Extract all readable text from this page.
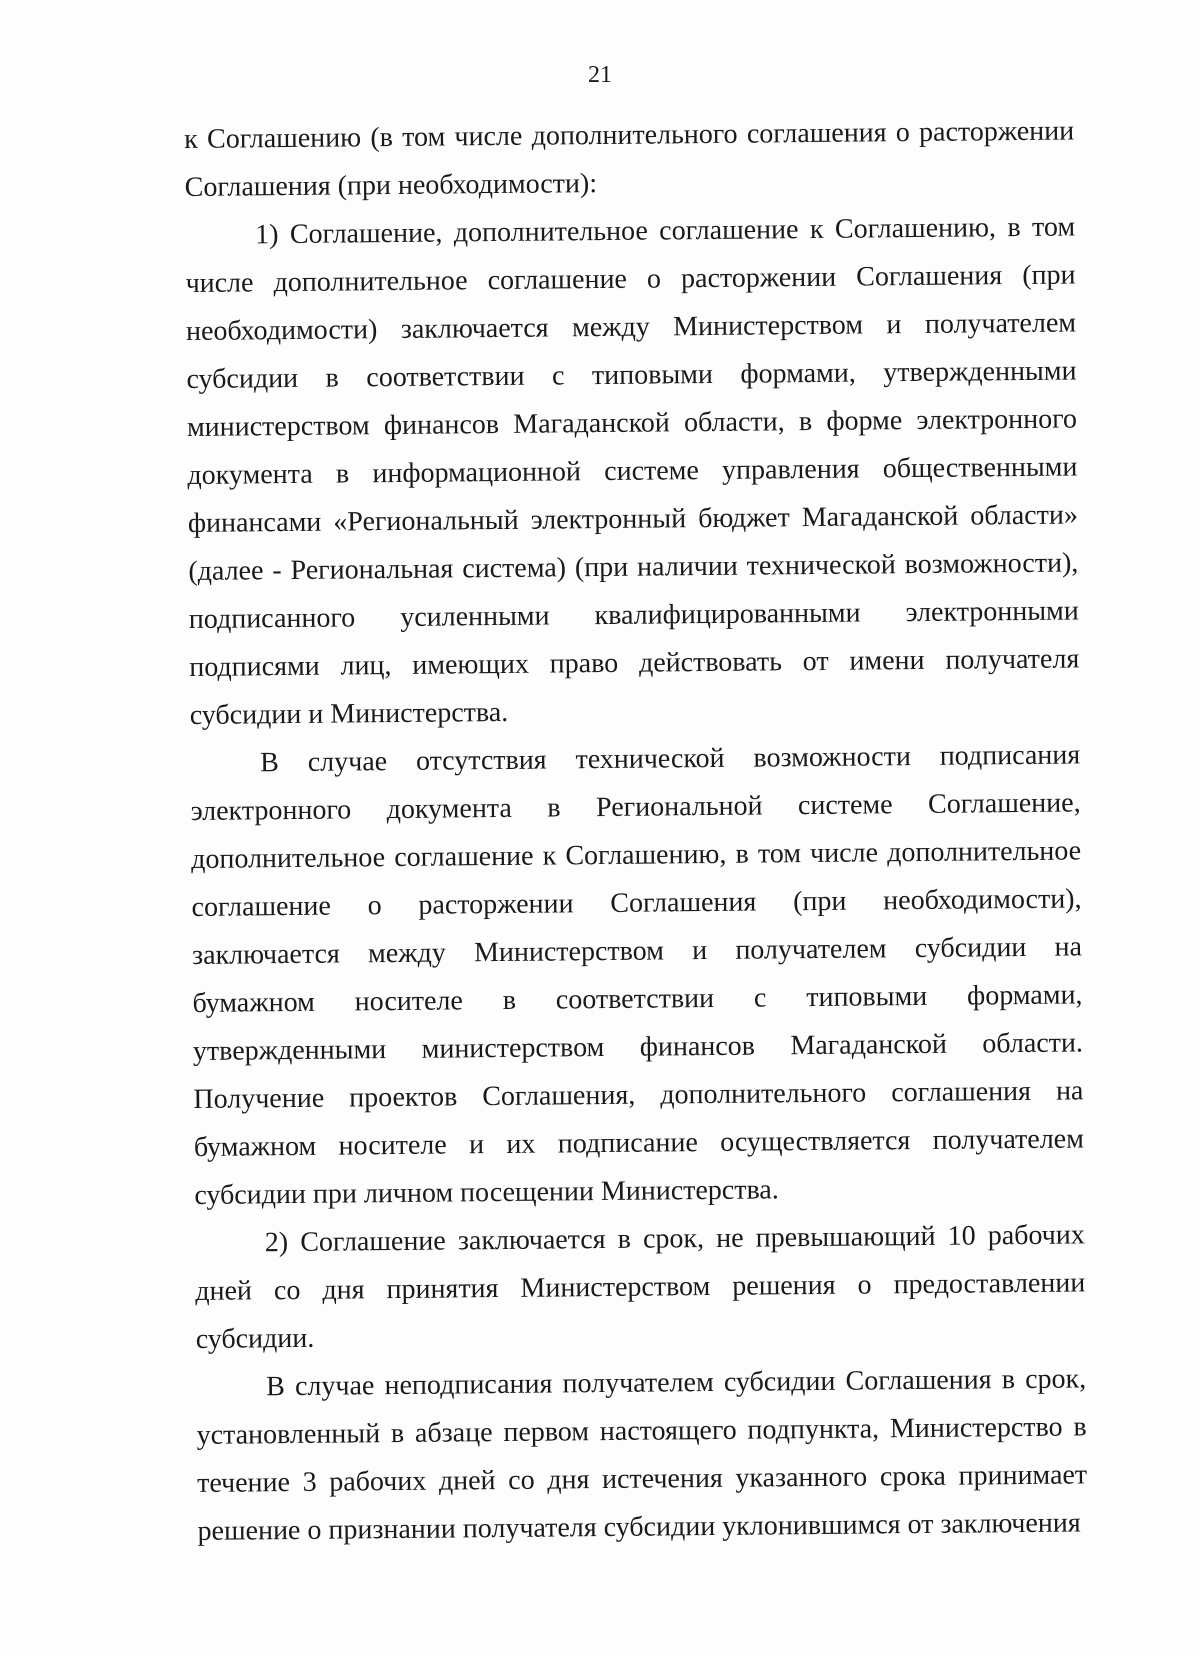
21

к Соглашению (в том числе дополнительного соглашения о расторжении Соглашения (при необходимости):

1) Соглашение, дополнительное соглашение к Соглашению, в том числе дополнительное соглашение о расторжении Соглашения (при необходимости) заключается между Министерством и получателем субсидии в соответствии с типовыми формами, утвержденными министерством финансов Магаданской области, в форме электронного документа в информационной системе управления общественными финансами «Региональный электронный бюджет Магаданской области» (далее - Региональная система) (при наличии технической возможности), подписанного усиленными квалифицированными электронными подписями лиц, имеющих право действовать от имени получателя субсидии и Министерства.

В случае отсутствия технической возможности подписания электронного документа в Региональной системе Соглашение, дополнительное соглашение к Соглашению, в том числе дополнительное соглашение о расторжении Соглашения (при необходимости), заключается между Министерством и получателем субсидии на бумажном носителе в соответствии с типовыми формами, утвержденными министерством финансов Магаданской области. Получение проектов Соглашения, дополнительного соглашения на бумажном носителе и их подписание осуществляется получателем субсидии при личном посещении Министерства.

2) Соглашение заключается в срок, не превышающий 10 рабочих дней со дня принятия Министерством решения о предоставлении субсидии.

В случае неподписания получателем субсидии Соглашения в срок, установленный в абзаце первом настоящего подпункта, Министерство в течение 3 рабочих дней со дня истечения указанного срока принимает решение о признании получателя субсидии уклонившимся от заключения
